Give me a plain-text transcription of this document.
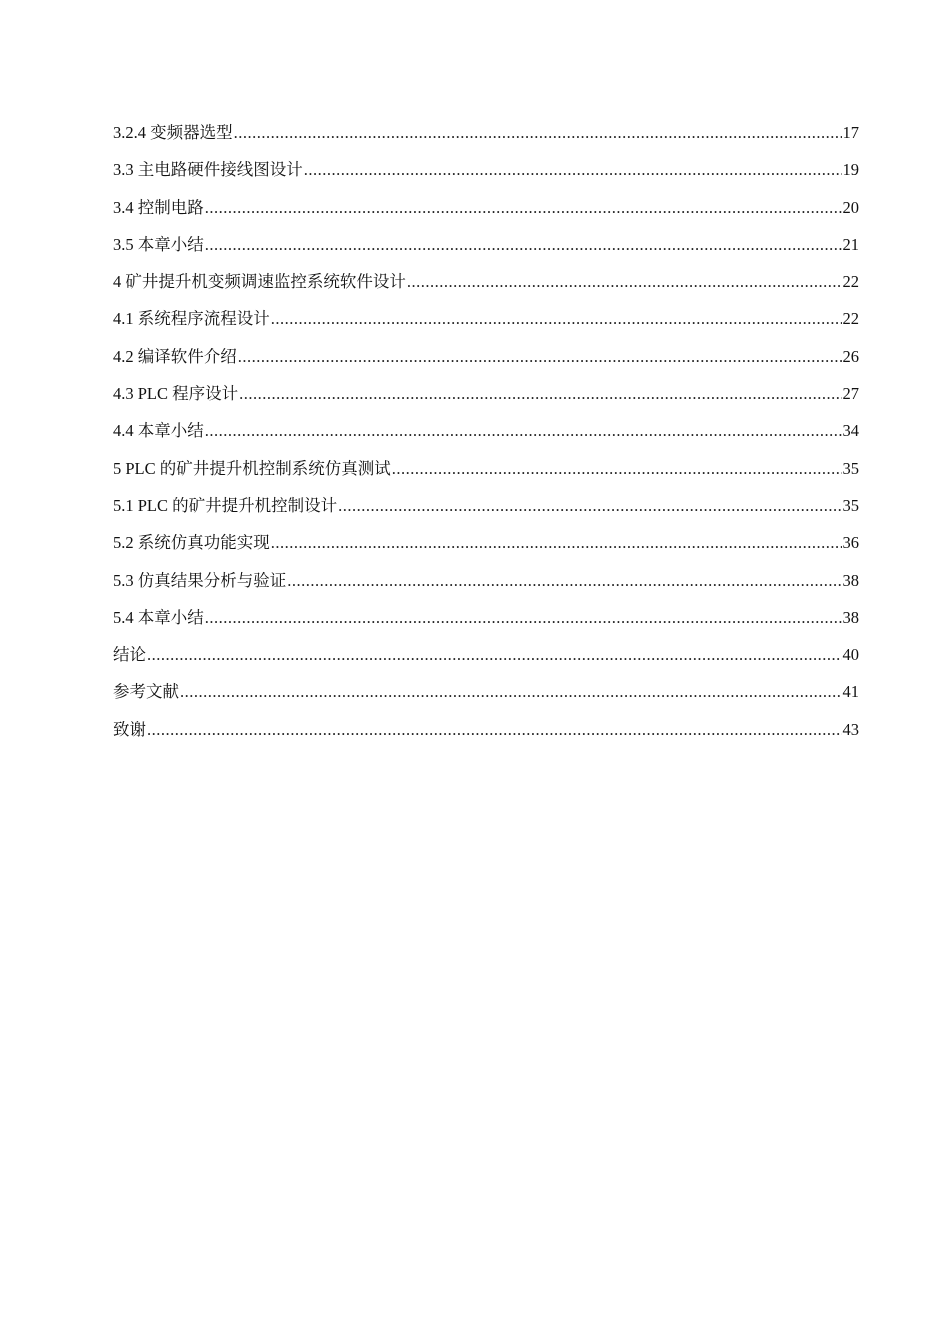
3.2.4 变频器选型 .....	17
3.3 主电路硬件接线图设计 .....	19
3.4 控制电路 .....	20
3.5 本章小结 .....	21
4 矿井提升机变频调速监控系统软件设计 .....	22
4.1 系统程序流程设计 .....	22
4.2 编译软件介绍 .....	26
4.3 PLC 程序设计 .....	27
4.4 本章小结 .....	34
5 PLC 的矿井提升机控制系统仿真测试 .....	35
5.1 PLC 的矿井提升机控制设计 .....	35
5.2 系统仿真功能实现 .....	36
5.3 仿真结果分析与验证 .....	38
5.4 本章小结 .....	38
结论 .....	40
参考文献 .....	41
致谢 .....	43
